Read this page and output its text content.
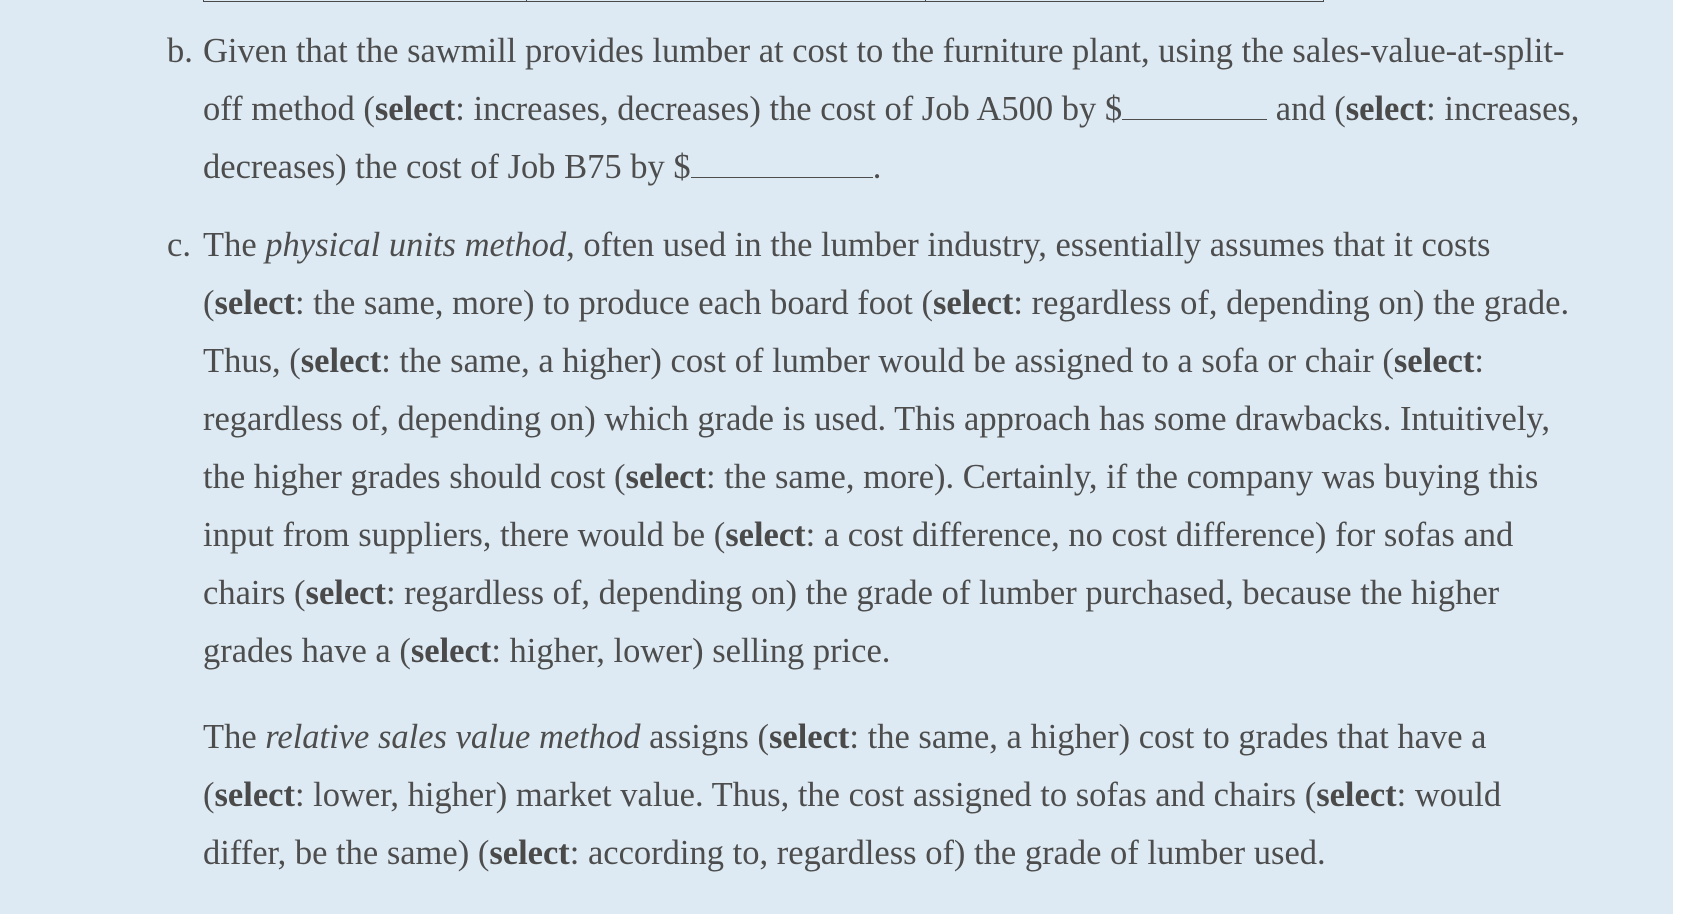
b. Given that the sawmill provides lumber at cost to the furniture plant, using the sales-value-at-split-
off method (select: increases, decreases) the cost of Job A500 by $	and (select: increases,
decreases) the cost of Job B75 by $	.
c. The physical units method, often used in the lumber industry, essentially assumes that it costs
(select: the same, more) to produce each board foot (select: regardless of, depending on) the grade.
Thus, (select: the same, a higher) cost of lumber would be assigned to a sofa or chair (select:
regardless of, depending on) which grade is used. This approach has some drawbacks. Intuitively,
the higher grades should cost (select: the same, more). Certainly, if the company was buying this
input from suppliers, there would be (select: a cost difference, no cost difference) for sofas and
chairs (select: regardless of, depending on) the grade of lumber purchased, because the higher
grades have a (select: higher, lower) selling price.
The relative sales value method assigns (select: the same, a higher) cost to grades that have a
(select: lower, higher) market value. Thus, the cost assigned to sofas and chairs (select: would
differ, be the same) (select: according to, regardless of) the grade of lumber used.
